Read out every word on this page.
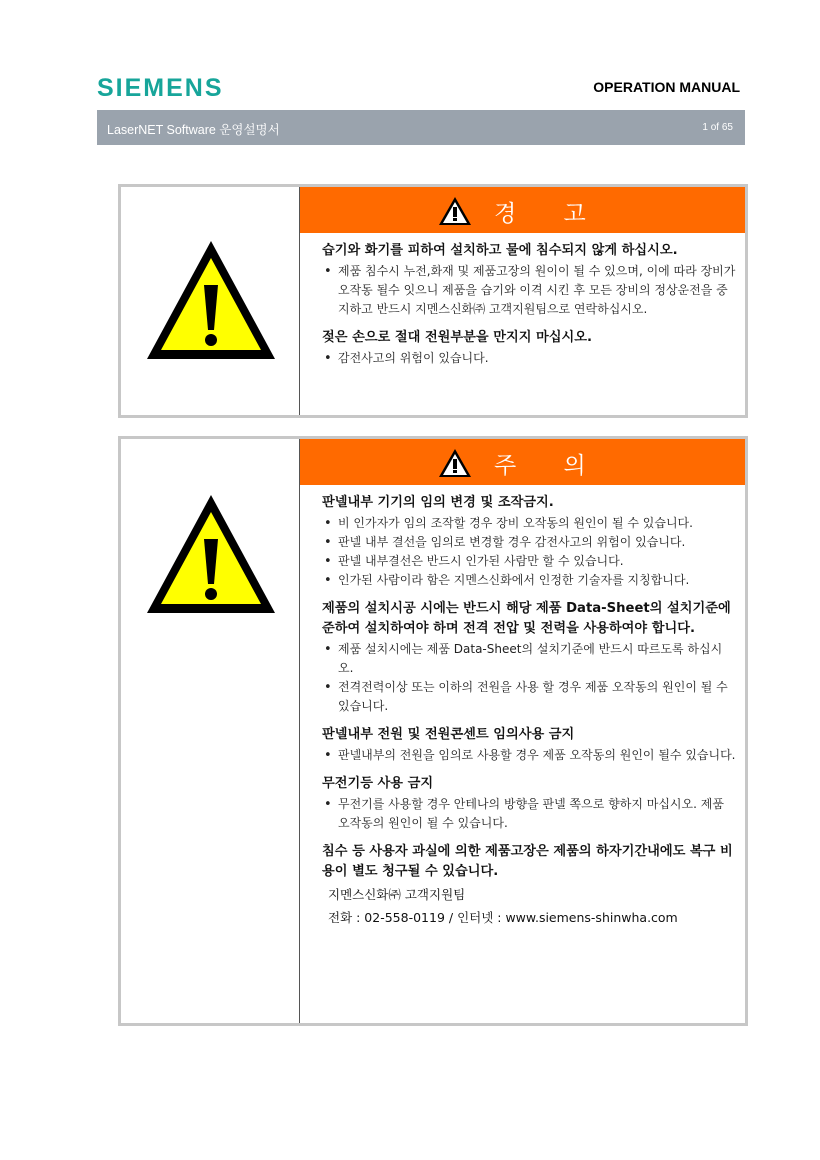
SIEMENS	OPERATION MANUAL
LaserNET Software 운영설명서	1 of 65
경 고

습기와 화기를 피하여 설치하고 물에 침수되지 않게 하십시오.

• 제품 침수시 누전,화재 및 제품고장의 원이이 될 수 있으며, 이에 따라 장비가 오작동 될수 잇으니 제품을 습기와 이격 시킨 후 모든 장비의 정상운전을 중지하고 반드시 지멘스신화㈜ 고객지원팀으로 연락하십시오.

젖은 손으로 절대 전원부분을 만지지 마십시오.

• 감전사고의 위험이 있습니다.
주 의

판넬내부 기기의 임의 변경 및 조작금지.

• 비 인가자가 임의 조작할 경우 장비 오작동의 원인이 될 수 있습니다.
• 판넬 내부 결선을 임의로 변경할 경우 감전사고의 위험이 있습니다.
• 판넬 내부결선은 반드시 인가된 사람만 할 수 있습니다.
• 인가된 사람이라 함은 지멘스신화에서 인정한 기술자를 지칭합니다.

제품의 설치시공 시에는 반드시 해당 제품 Data-Sheet의 설치기준에 준하여 설치하여야 하며 전격 전압 및 전력을 사용하여야 합니다.

• 제품 설치시에는 제품 Data-Sheet의 설치기준에 반드시 따르도록 하십시오.
• 전격전력이상 또는 이하의 전원을 사용 할 경우 제품 오작동의 원인이 될 수 있습니다.

판넬내부 전원 및 전원콘센트 임의사용 금지

• 판넬내부의 전원을 임의로 사용할 경우 제품 오작동의 원인이 될수 있습니다.

무전기등 사용 금지

• 무전기를 사용할 경우 안테나의 방향을 판넬 쪽으로 향하지 마십시오. 제품 오작동의 원인이 될 수 있습니다.

침수 등 사용자 과실에 의한 제품고장은 제품의 하자기간내에도 복구 비용이 별도 청구될 수 있습니다.

지멘스신화㈜ 고객지원팀
전화 : 02-558-0119 / 인터넷 : www.siemens-shinwha.com
